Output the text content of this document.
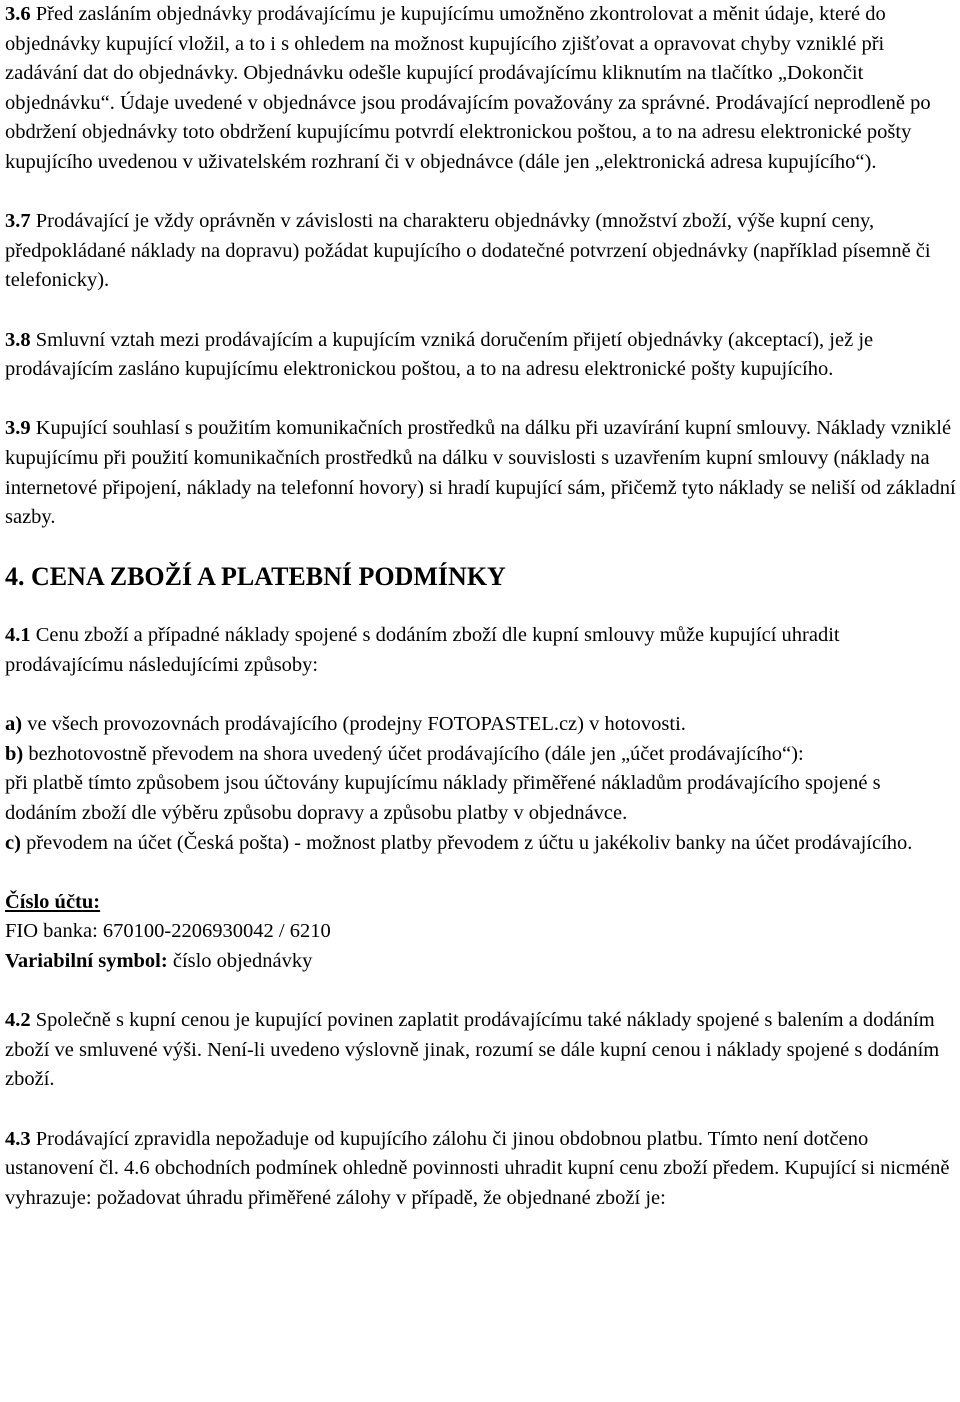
3.6 Před zasláním objednávky prodávajícímu je kupujícímu umožněno zkontrolovat a měnit údaje, které do objednávky kupující vložil, a to i s ohledem na možnost kupujícího zjišťovat a opravovat chyby vzniklé při zadávání dat do objednávky. Objednávku odešle kupující prodávajícímu kliknutím na tlačítko „Dokončit objednávku“. Údaje uvedené v objednávce jsou prodávajícím považovány za správné. Prodávající neprodleně po obdržení objednávky toto obdržení kupujícímu potvrdí elektronickou poštou, a to na adresu elektronické pošty kupujícího uvedenou v uživatelském rozhraní či v objednávce (dále jen „elektronická adresa kupujícího“).

3.7 Prodávající je vždy oprávněn v závislosti na charakteru objednávky (množství zboží, výše kupní ceny, předpokládané náklady na dopravu) požádat kupujícího o dodatečné potvrzení objednávky (například písemně či telefonicky).

3.8 Smluvní vztah mezi prodávajícím a kupujícím vzniká doručením přijetí objednávky (akceptací), jež je prodávajícím zasláno kupujícímu elektronickou poštou, a to na adresu elektronické pošty kupujícího.

3.9 Kupující souhlasí s použitím komunikačních prostředků na dálku při uzavírání kupní smlouvy. Náklady vzniklé kupujícímu při použití komunikačních prostředků na dálku v souvislosti s uzavřením kupní smlouvy (náklady na internetové připojení, náklady na telefonní hovory) si hradí kupující sám, přičemž tyto náklady se neliší od základní sazby.

4. CENA ZBOŽÍ A PLATEBNÍ PODMÍNKY

4.1 Cenu zboží a případné náklady spojené s dodáním zboží dle kupní smlouvy může kupující uhradit prodávajícímu následujícími způsoby:

a) ve všech provozovnách prodávajícího (prodejny FOTOPASTEL.cz) v hotovosti.

b) bezhotovostně převodem na shora uvedený účet prodávajícího (dále jen „účet prodávajícího“):

při platbě tímto způsobem jsou účtovány kupujícímu náklady přiměřené nákladům prodávajícího spojené s dodáním zboží dle výběru způsobu dopravy a způsobu platby v objednávce.

c) převodem na účet (Česká pošta) - možnost platby převodem z účtu u jakékoliv banky na účet prodávajícího.

Číslo účtu:

FIO banka: 670100-2206930042 / 6210

Variabilní symbol: číslo objednávky

4.2 Společně s kupní cenou je kupující povinen zaplatit prodávajícímu také náklady spojené s balením a dodáním zboží ve smluvené výši. Není-li uvedeno výslovně jinak, rozumí se dále kupní cenou i náklady spojené s dodáním zboží.

4.3 Prodávající zpravidla nepožaduje od kupujícího zálohu či jinou obdobnou platbu. Tímto není dotčeno ustanovení čl. 4.6 obchodních podmínek ohledně povinnosti uhradit kupní cenu zboží předem. Kupující si nicméně vyhrazuje: požadovat úhradu přiměřené zálohy v případě, že objednané zboží je:
